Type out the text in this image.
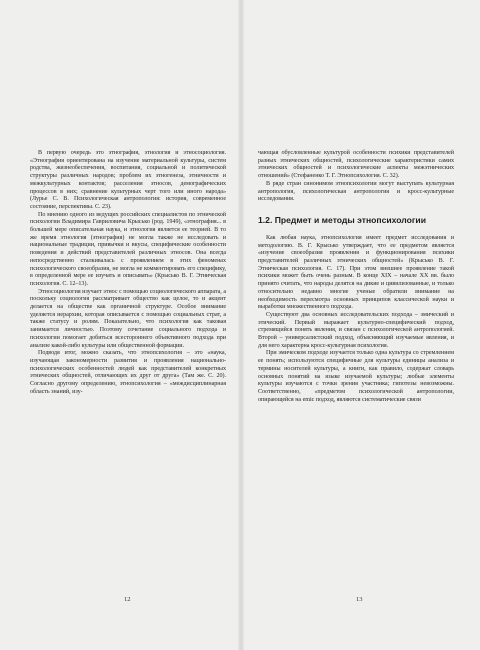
В первую очередь это этнография, этнология и этносоциология. «Этнография ориентирована на изучение материальной культуры, систем родства, жизнеобеспечения, воспитания, социальной и политической структуры различных народов; проблем их этногенеза, этничности и межкультурных контактов; расселения этносов, демографических процессов в них; сравнение культурных черт того или иного народа» (Лурье С. В. Психологическая антропология: история, современное состояние, перспективы. С. 23).

По мнению одного из ведущих российских специалистов по этнической психологии Владимира Гавриловича Крысько (род. 1949), «этнография... в большей мере описательная наука, и этнология является ее теорией. В то же время этнология (этнография) не могла также не исследовать и национальные традиции, привычки и вкусы, специфические особенности поведения и действий представителей различных этносов. Она всегда непосредственно сталкивалась с проявлением в этих феноменах психологического своеобразия, не могла не комментировать его специфику, в определенной мере ее изучать и описывать» (Крысько В. Г. Этническая психология. С. 12–13).

Этносоциология изучает этнос с помощью социологического аппарата, а поскольку социология рассматривает общество как целое, то и акцент делается на обществе как органичной структуре. Особое внимание уделяется иерархии, которая описывается с помощью социальных страт, а также статусу и ролям. Показательно, что психология как таковая занимается личностью. Поэтому сочетание социального подхода и психологии помогает добиться всестороннего объективного подхода при анализе какой-либо культуры или общественной формации.

Подводя итог, можно сказать, что этнопсихология – это «наука, изучающая закономерности развития и проявления национально-психологических особенностей людей как представителей конкретных этнических общностей, отличающих их друг от друга» (Там же. С. 20). Согласно другому определению, этнопсихология – «междисциплинарная область знаний, изу-

чающая обусловленные культурой особенности психики представителей разных этнических общностей, психологические характеристики самих этнических общностей и психологические аспекты межэтнических отношений» (Стефаненко Т. Г. Этнопсихология. С. 32).

В ряде стран синонимом этнопсихологии могут выступать культурная антропология, психологическая антропология и кросс-культурные исследования.

1.2. Предмет и методы этнопсихологии

Как любая наука, этнопсихология имеет предмет исследования и методологию. В. Г. Крысько утверждает, что ее предметом является «изучение своеобразия проявления и функционирования психики представителей различных этнических общностей» (Крысько В. Г. Этническая психология. С. 17). При этом внешнее проявление такой психики может быть очень разным. В конце XIX – начале XX вв. было принято считать, что народы делятся на дикие и цивилизованные, и только относительно недавно многие ученые обратили внимание на необходимость пересмотра основных принципов классической науки и выработки множественного подхода.

Существуют два основных исследовательских подхода – эмический и этический. Первый выражает культурно-специфический подход, стремящийся понять явления, и связан с психологической антропологией. Второй – универсалистский подход, объясняющий изучаемые явления, и для него характерна кросс-культурная психология.

При эмическом подходе изучается только одна культура со стремлением ее понять; используются специфичные для культуры единицы анализа и термины носителей культуры, а книги, как правило, содержат словарь основных понятий на языке изучаемой культуры; любые элементы культуры изучаются с точки зрения участника; гипотезы невозможны. Соответственно, «предметом психологической антропологии, опирающейся на emic подход, являются систематические связи

12	13
